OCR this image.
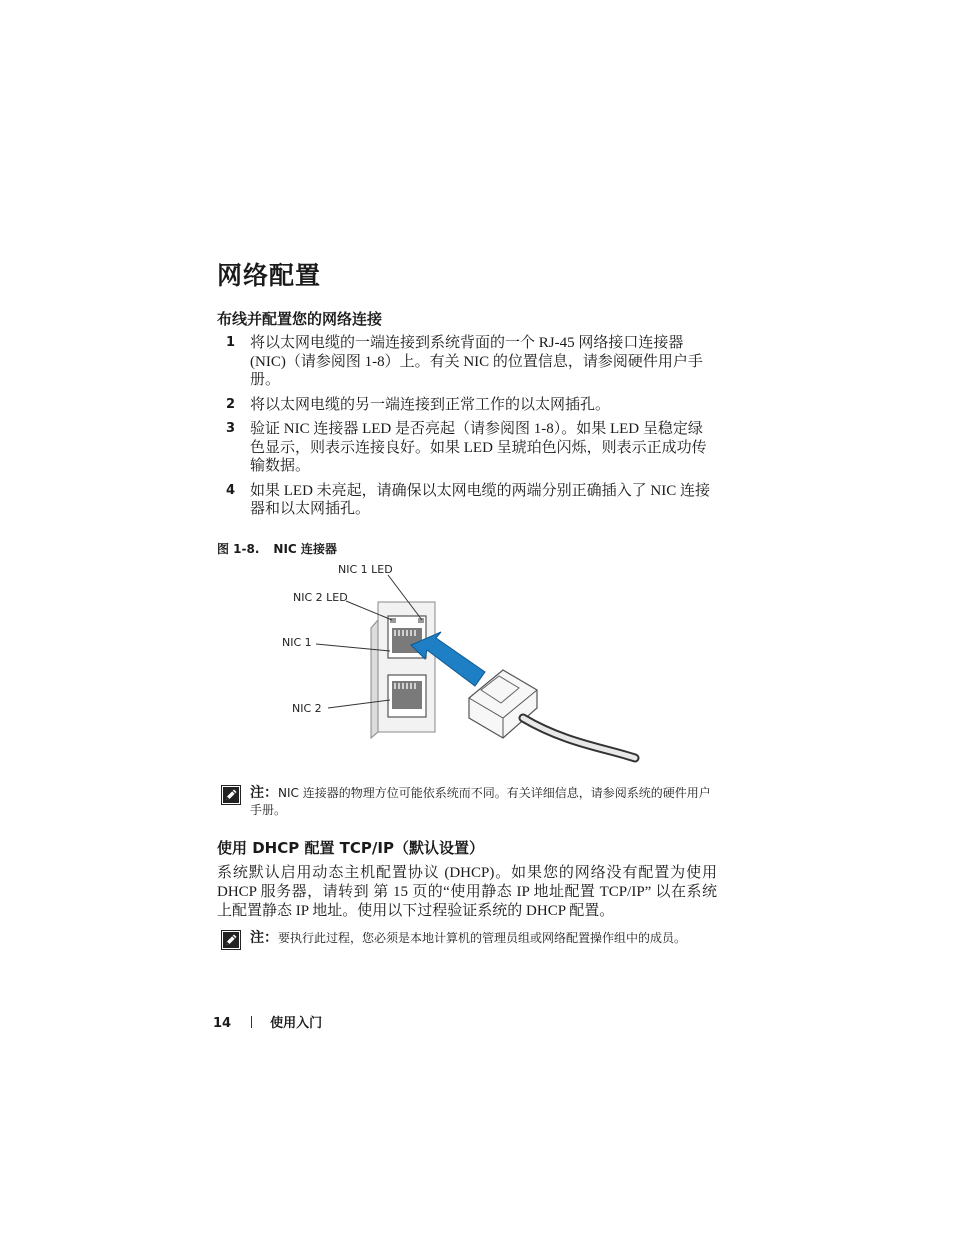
网络配置
布线并配置您的网络连接
1 将以太网电缆的一端连接到系统背面的一个 RJ-45 网络接口连接器 (NIC)（请参阅图 1-8）上。有关 NIC 的位置信息，请参阅硬件用户手册。
2 将以太网电缆的另一端连接到正常工作的以太网插孔。
3 验证 NIC 连接器 LED 是否亮起（请参阅图 1-8）。如果 LED 呈稳定绿色显示，则表示连接良好。如果 LED 呈琥珀色闪烁，则表示正成功传输数据。
4 如果 LED 未亮起，请确保以太网电缆的两端分别正确插入了 NIC 连接器和以太网插孔。
图 1-8. NIC 连接器
NIC 1 LED
NIC 2 LED
NIC 1
NIC 2
注：NIC 连接器的物理方位可能依系统而不同。有关详细信息，请参阅系统的硬件用户手册。
使用 DHCP 配置 TCP/IP（默认设置）

系统默认启用动态主机配置协议 (DHCP)。如果您的网络没有配置为使用 DHCP 服务器，请转到 第 15 页的“使用静态 IP 地址配置 TCP/IP” 以在系统上配置静态 IP 地址。使用以下过程验证系统的 DHCP 配置。

注：要执行此过程，您必须是本地计算机的管理员组或网络配置操作组中的成员。
14	使用入门
